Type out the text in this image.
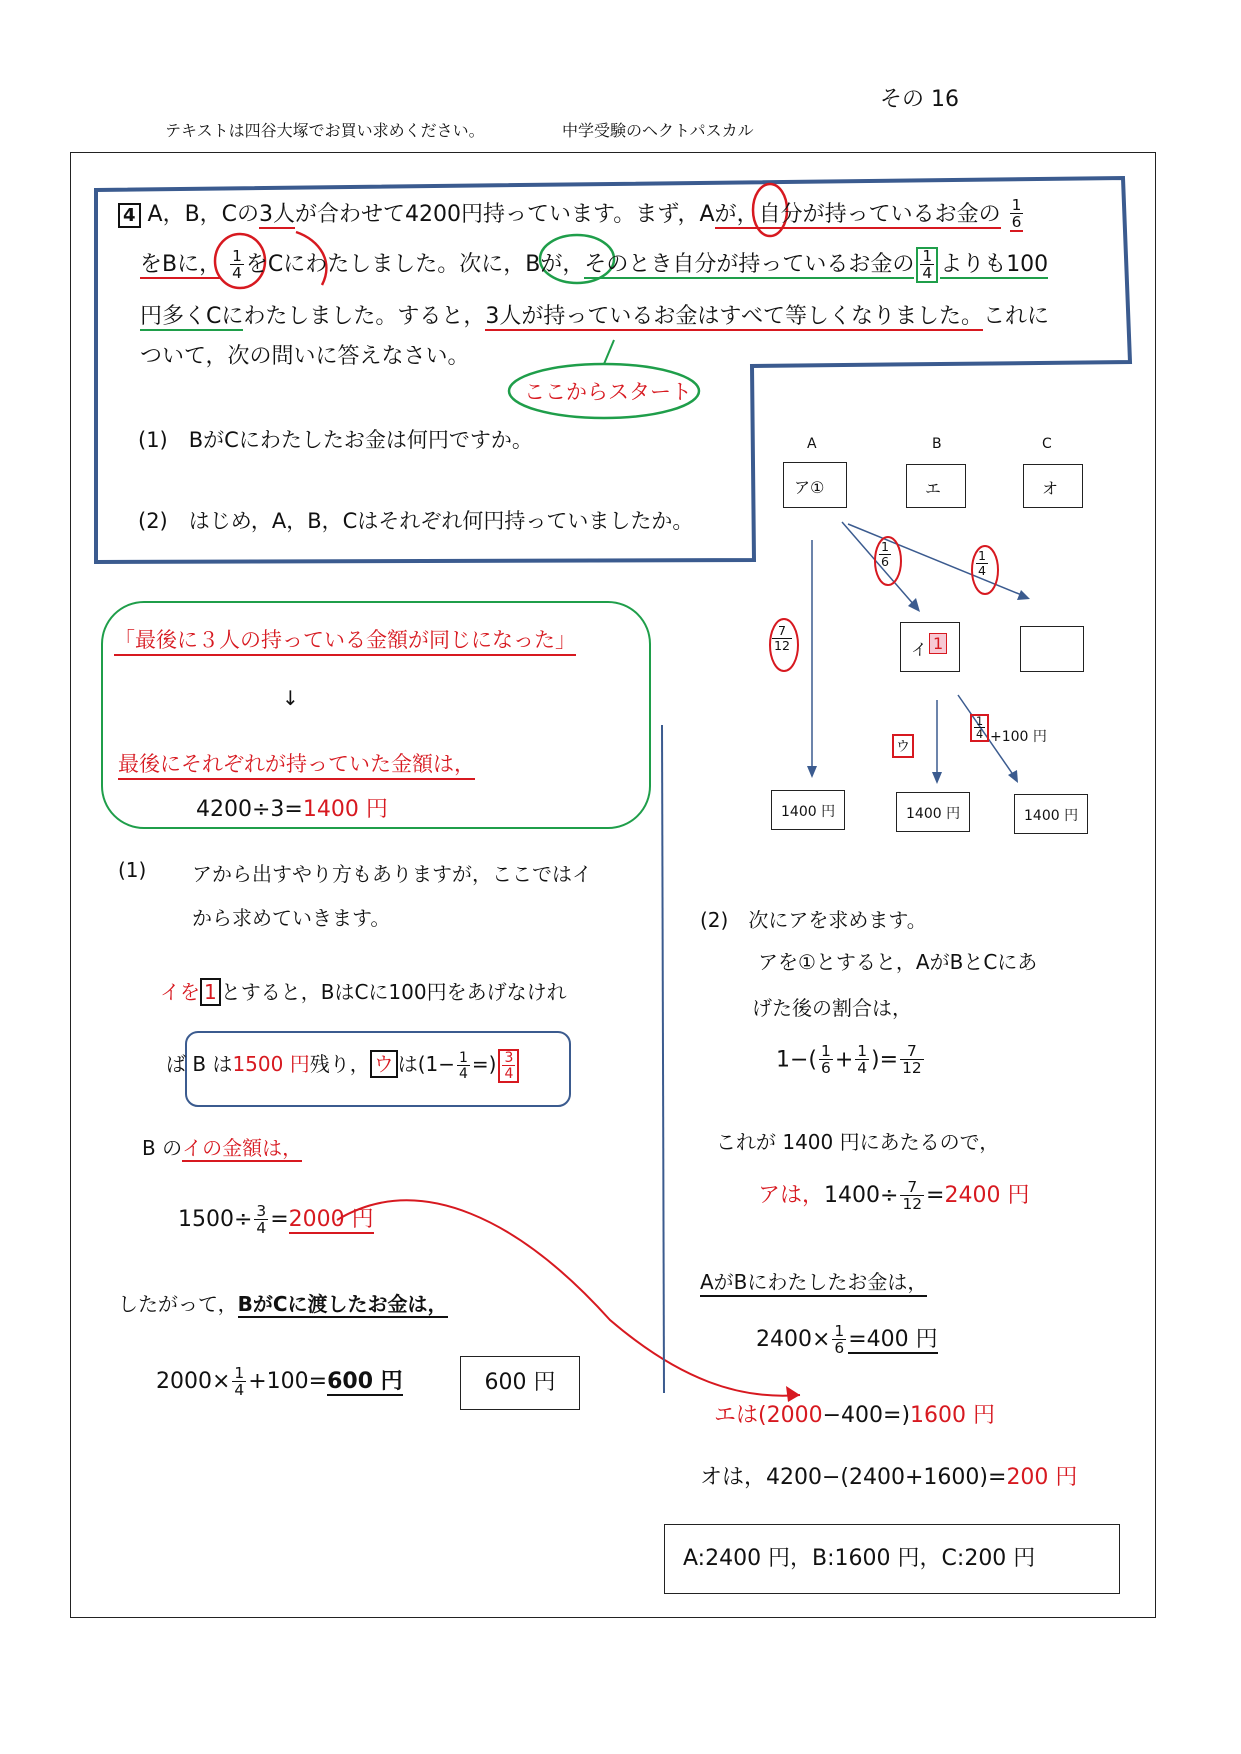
その 16
テキストは四谷大塚でお買い求めください。	中学受験のヘクトパスカル
4 A，B，Cの3人が合わせて4200円持っています。まず，Aが，自分が持っているお金の $\frac{1}{6}$
をBに， $\frac{1}{4}$ をCにわたしました。次に，Bが，そのとき自分が持っているお金の $\frac{1}{4}$ よりも100
円多くCにわたしました。すると，3人が持っているお金はすべて等しくなりました。これに
ついて，次の問いに答えなさい。
ここからスタート
(1)　BがCにわたしたお金は何円ですか。
(2)　はじめ，A，B，Cはそれぞれ何円持っていましたか。
A	B	C
ア①	エ	オ
$\frac{1}{6}$	$\frac{1}{4}$
$\frac{7}{12}$	イ 1
ウ
$\frac{1}{4} +100$ 円
1400 円	1400 円	1400 円
「最後に３人の持っている金額が同じになった」
↓
最後にそれぞれが持っていた金額は，
4200÷3=1400 円
(1) アから出すやり方もありますが，ここではイ
から求めていきます。
イを 1 とすると，BはCに100円をあげなけれ
ば B は1500 円残り， ウ は($1- \frac{1}{4}$ =) $\frac{3}{4}$
B のイの金額は，
$1500\div \frac{3}{4} =2000$ 円
したがって，BがCに渡したお金は，
$2000\times \frac{1}{4} +100=600$ 円	600 円
(2)　次にアを求めます。
アを①とすると，AがBとCにあ
げた後の割合は，
$1-( \frac{1}{6} + \frac{1}{4}$ )= $\frac{7}{12}$
これが 1400 円にあたるので，
アは，$1400\div \frac{7}{12} =2400$ 円
AがBにわたしたお金は，
$2400\times \frac{1}{6} =400$ 円
エは(2000−400=)1600 円
オは，4200−(2400+1600)=200 円
A:2400 円，B:1600 円，C:200 円
